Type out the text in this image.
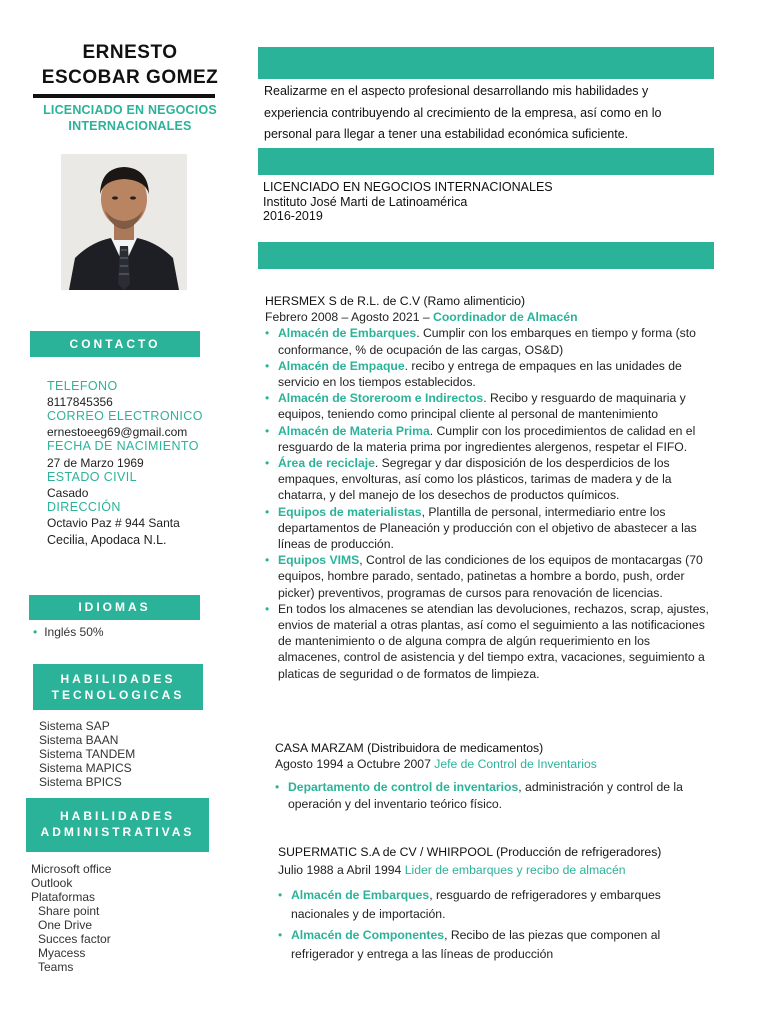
ERNESTO
ESCOBAR GOMEZ
LICENCIADO EN NEGOCIOS
INTERNACIONALES
CONTACTO
TELEFONO
8117845356
CORREO ELECTRONICO
ernestoeeg69@gmail.com
FECHA DE NACIMIENTO
27 de Marzo 1969
ESTADO CIVIL
Casado
DIRECCIÓN
Octavio Paz # 944 Santa
Cecilia, Apodaca N.L.
IDIOMAS
• Inglés 50%
HABILIDADES
TECNOLOGICAS
Sistema SAP
Sistema BAAN
Sistema TANDEM
Sistema MAPICS
Sistema BPICS
HABILIDADES
ADMINISTRATIVAS
Microsoft office
Outlook
Plataformas
Share point
One Drive
Succes factor
Myacess
Teams
Realizarme en el aspecto profesional desarrollando mis habilidades y
experiencia contribuyendo al crecimiento de la empresa, así como en lo
personal para llegar a tener una estabilidad económica suficiente.
LICENCIADO EN NEGOCIOS INTERNACIONALES
Instituto José Marti de Latinoamérica
2016-2019
HERSMEX S de R.L. de C.V (Ramo alimenticio)
Febrero 2008 – Agosto 2021 – Coordinador de Almacén
• Almacén de Embarques. Cumplir con los embarques en tiempo y forma (sto conformance, % de ocupación de las cargas, OS&D)
• Almacén de Empaque. recibo y entrega de empaques en las unidades de servicio en los tiempos establecidos.
• Almacén de Storeroom e Indirectos. Recibo y resguardo de maquinaria y equipos, teniendo como principal cliente al personal de mantenimiento
• Almacén de Materia Prima. Cumplir con los procedimientos de calidad en el resguardo de la materia prima por ingredientes alergenos, respetar el FIFO.
• Área de reciclaje. Segregar y dar disposición de los desperdicios de los empaques, envolturas, así como los plásticos, tarimas de madera y de la chatarra, y del manejo de los desechos de productos químicos.
• Equipos de materialistas, Plantilla de personal, intermediario entre los departamentos de Planeación y producción con el objetivo de abastecer a las líneas de producción.
• Equipos VIMS, Control de las condiciones de los equipos de montacargas (70 equipos, hombre parado, sentado, patinetas a hombre a bordo, push, order picker) preventivos, programas de cursos para renovación de licencias.
• En todos los almacenes se atendian las devoluciones, rechazos, scrap, ajustes, envios de material a otras plantas, así como el seguimiento a las notificaciones de mantenimiento o de alguna compra de algún requerimiento en los almacenes, control de asistencia y del tiempo extra, vacaciones, seguimiento a platicas de seguridad o de formatos de limpieza.
CASA MARZAM (Distribuidora de medicamentos)
Agosto 1994 a Octubre 2007 Jefe de Control de Inventarios
• Departamento de control de inventarios, administración y control de la operación y del inventario teórico físico.
SUPERMATIC S.A de CV / WHIRPOOL (Producción de refrigeradores)
Julio 1988 a Abril 1994 Lider de embarques y recibo de almacén
• Almacén de Embarques, resguardo de refrigeradores y embarques nacionales y de importación.
• Almacén de Componentes, Recibo de las piezas que componen al refrigerador y entrega a las líneas de producción
